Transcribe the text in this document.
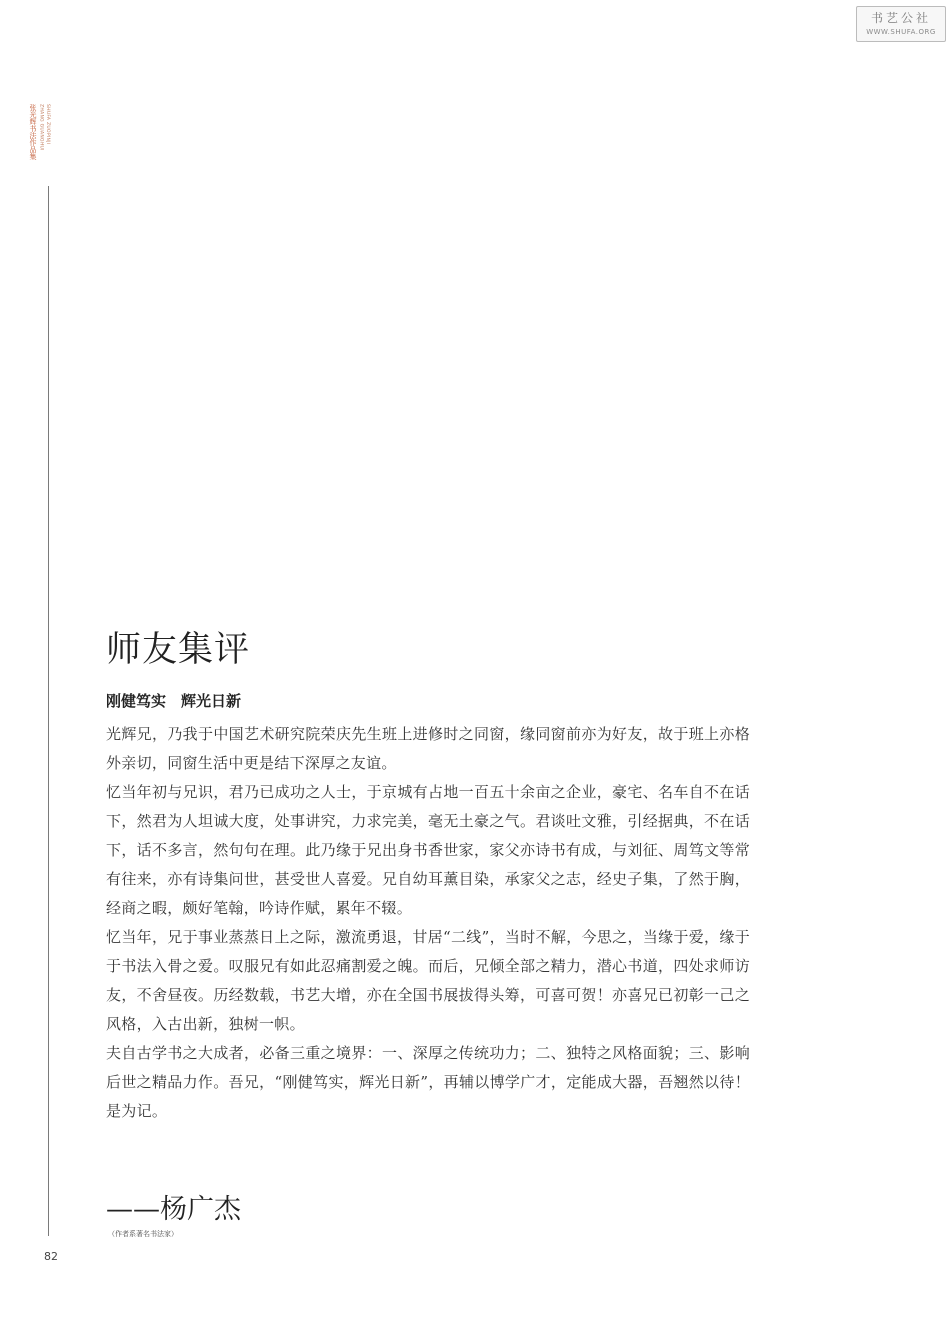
书艺公社
WWW.SHUFA.ORG
张光辉书法作品集 ZHANG GUANGHUI SHUFA ZUOPINJI
师友集评
刚健笃实　辉光日新

光辉兄，乃我于中国艺术研究院荣庆先生班上进修时之同窗，缘同窗前亦为好友，故于班上亦格外亲切，同窗生活中更是结下深厚之友谊。

忆当年初与兄识，君乃已成功之人士，于京城有占地一百五十余亩之企业，豪宅、名车自不在话下，然君为人坦诚大度，处事讲究，力求完美，毫无土豪之气。君谈吐文雅，引经据典，不在话下，话不多言，然句句在理。此乃缘于兄出身书香世家，家父亦诗书有成，与刘征、周笃文等常有往来，亦有诗集问世，甚受世人喜爱。兄自幼耳薰目染，承家父之志，经史子集，了然于胸，经商之暇，颇好笔翰，吟诗作赋，累年不辍。

忆当年，兄于事业蒸蒸日上之际，激流勇退，甘居“二线”，当时不解，今思之，当缘于爱，缘于于书法入骨之爱。叹服兄有如此忍痛割爱之魄。而后，兄倾全部之精力，潜心书道，四处求师访友，不舍昼夜。历经数载，书艺大增，亦在全国书展拔得头筹，可喜可贺！亦喜兄已初彰一己之风格，入古出新，独树一帜。

夫自古学书之大成者，必备三重之境界：一、深厚之传统功力；二、独特之风格面貌；三、影响后世之精品力作。吾兄，“刚健笃实，辉光日新”，再辅以博学广才，定能成大器，吾翘然以待！是为记。

——杨广杰

（作者系著名书法家）

82
